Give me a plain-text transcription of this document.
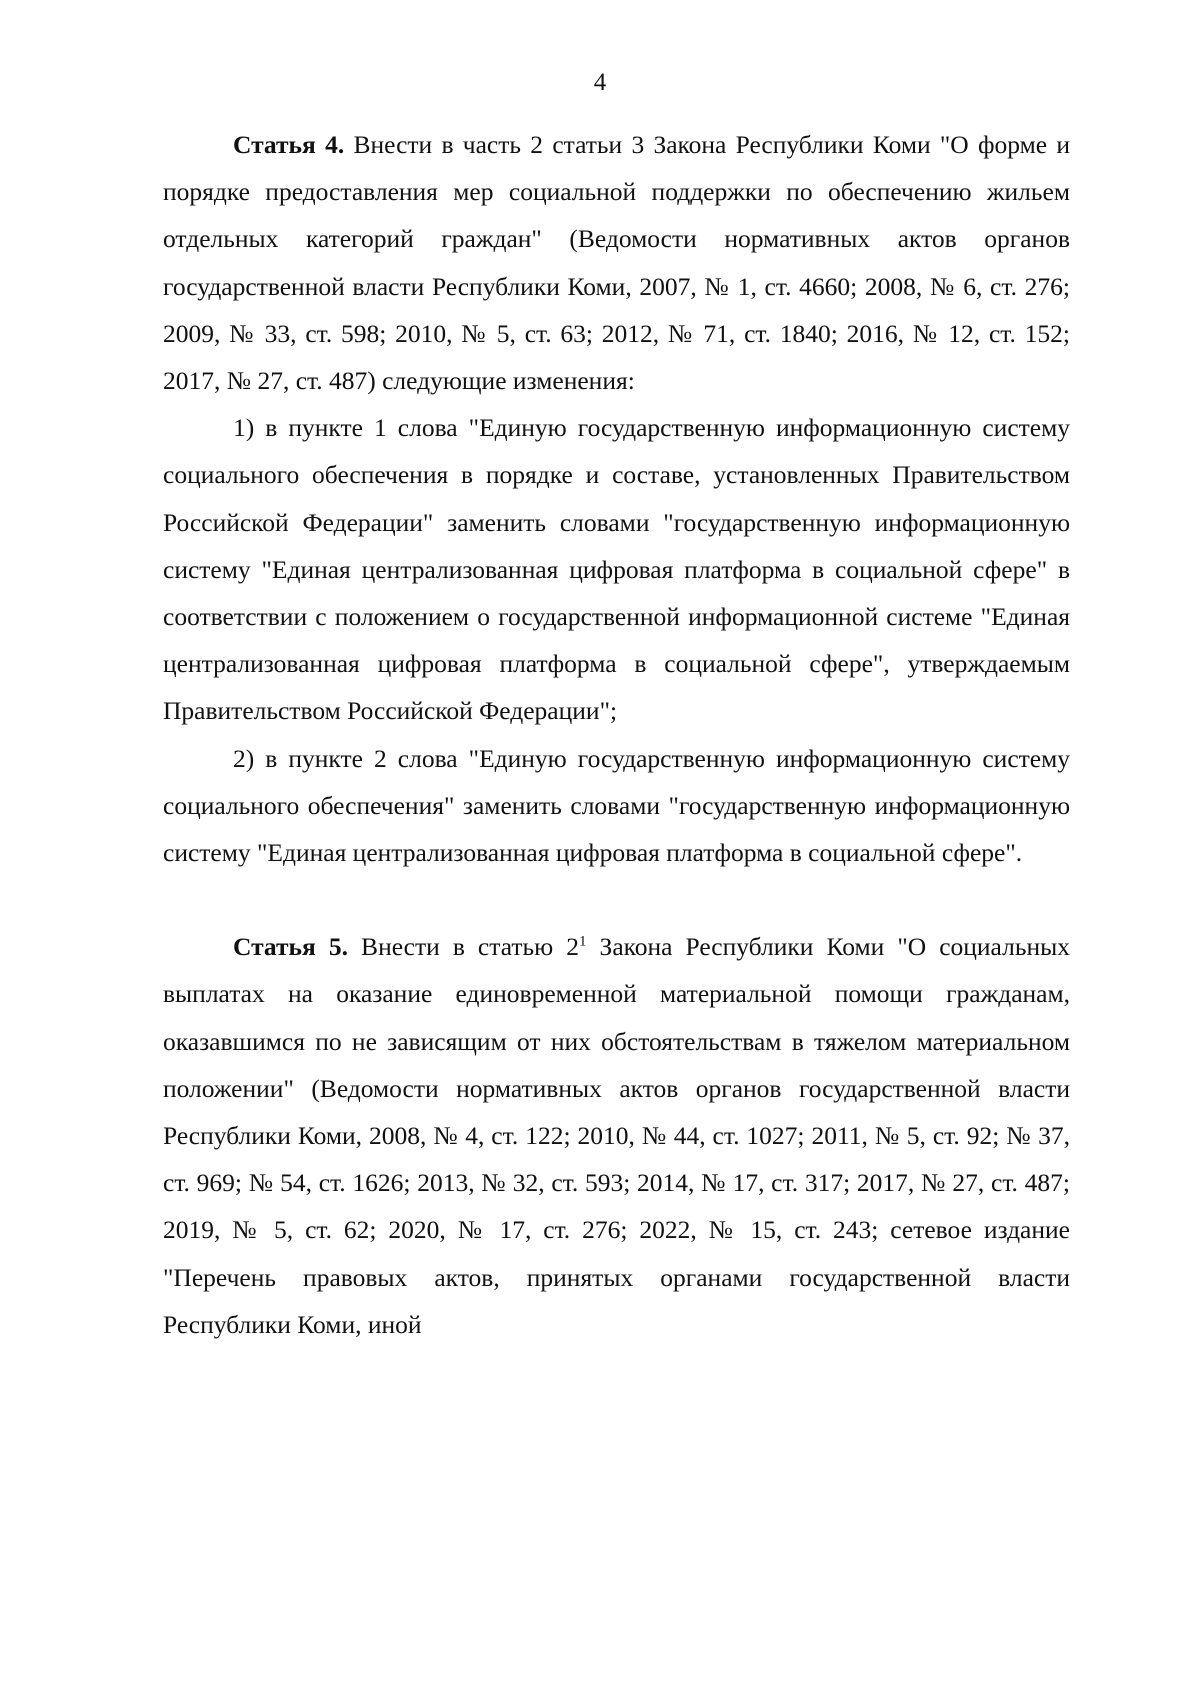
4

Статья 4. Внести в часть 2 статьи 3 Закона Республики Коми "О форме и порядке предоставления мер социальной поддержки по обеспечению жильем отдельных категорий граждан" (Ведомости нормативных актов органов государственной власти Республики Коми, 2007, № 1, ст. 4660; 2008, № 6, ст. 276; 2009, № 33, ст. 598; 2010, № 5, ст. 63; 2012, № 71, ст. 1840; 2016, № 12, ст. 152; 2017, № 27, ст. 487) следующие изменения:

1) в пункте 1 слова "Единую государственную информационную систему социального обеспечения в порядке и составе, установленных Правительством Российской Федерации" заменить словами "государственную информационную систему "Единая централизованная цифровая платформа в социальной сфере" в соответствии с положением о государственной информационной системе "Единая централизованная цифровая платформа в социальной сфере", утверждаемым Правительством Российской Федерации";

2) в пункте 2 слова "Единую государственную информационную систему социального обеспечения" заменить словами "государственную информационную систему "Единая централизованная цифровая платформа в социальной сфере".

Статья 5. Внести в статью $2^1$ Закона Республики Коми "О социальных выплатах на оказание единовременной материальной помощи гражданам, оказавшимся по не зависящим от них обстоятельствам в тяжелом материальном положении" (Ведомости нормативных актов органов государственной власти Республики Коми, 2008, № 4, ст. 122; 2010, № 44, ст. 1027; 2011, № 5, ст. 92; № 37, ст. 969; № 54, ст. 1626; 2013, № 32, ст. 593; 2014, № 17, ст. 317; 2017, № 27, ст. 487; 2019, № 5, ст. 62; 2020, № 17, ст. 276; 2022, № 15, ст. 243; сетевое издание "Перечень правовых актов, принятых органами государственной власти Республики Коми, иной
